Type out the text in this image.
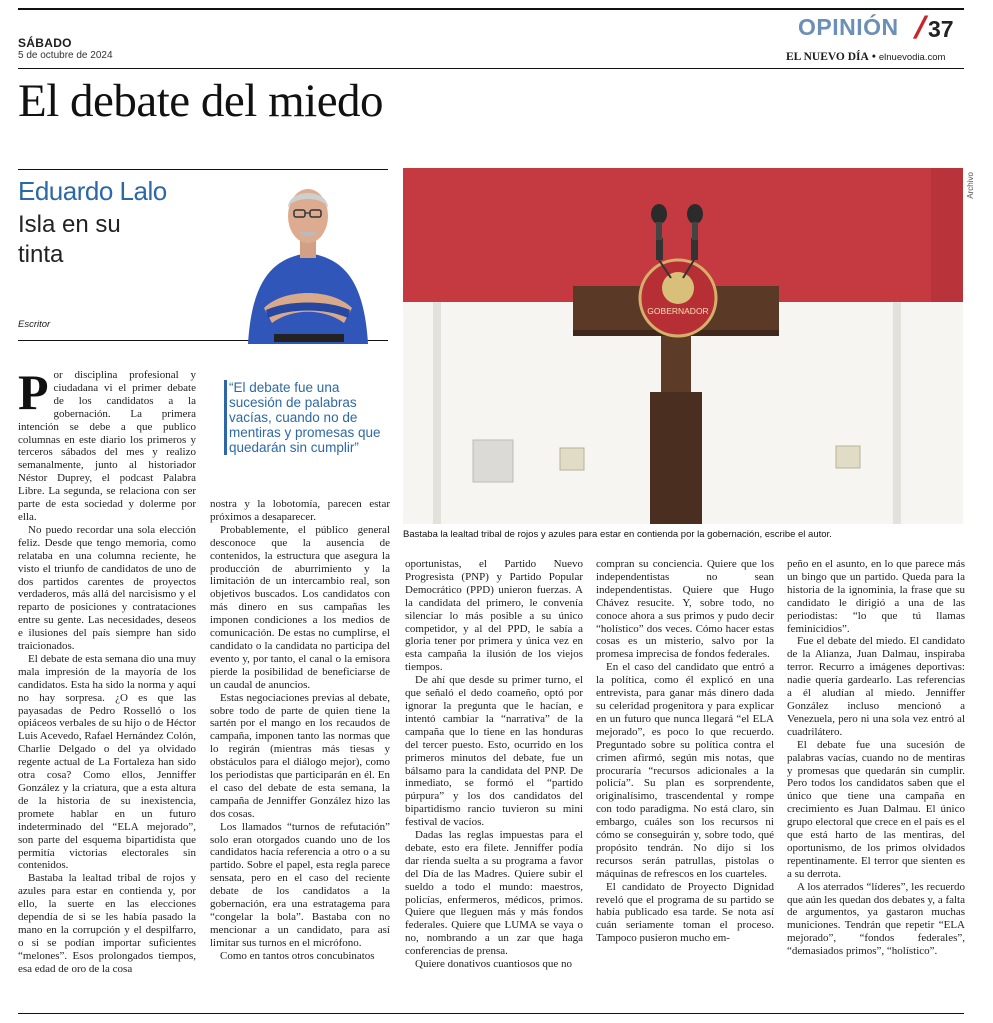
SÁBADO
5 de octubre de 2024
OPINIÓN /
37
EL NUEVO DÍA • elnuevodia.com
El debate del miedo
Eduardo Lalo
Isla en su tinta
Escritor
GOBERNADOR
Archivo
Bastaba la lealtad tribal de rojos y azules para estar en contienda por la gobernación, escribe el autor.
“El debate fue una sucesión de palabras vacías, cuando no de mentiras y promesas que quedarán sin cumplir”

Por disciplina profesional y ciudadana vi el primer debate de los candidatos a la gobernación. La primera intención se debe a que publico columnas en este diario los primeros y terceros sábados del mes y realizo semanalmente, junto al historiador Néstor Duprey, el podcast Palabra Libre. La segunda, se relaciona con ser parte de esta sociedad y dolerme por ella.

No puedo recordar una sola elección feliz. Desde que tengo memoria, como relataba en una columna reciente, he visto el triunfo de candidatos de uno de dos partidos carentes de proyectos verdaderos, más allá del narcisismo y el reparto de posiciones y contrataciones entre su gente. Las necesidades, deseos e ilusiones del país siempre han sido traicionados.

El debate de esta semana dio una muy mala impresión de la mayoría de los candidatos. Esta ha sido la norma y aquí no hay sorpresa. ¿O es que las payasadas de Pedro Rosselló o los opiáceos verbales de su hijo o de Héctor Luis Acevedo, Rafael Hernández Colón, Charlie Delgado o del ya olvidado regente actual de La Fortaleza han sido otra cosa? Como ellos, Jenniffer González y la criatura, que a esta altura de la historia de su inexistencia, promete hablar en un futuro indeterminado del “ELA mejorado”, son parte del esquema bipartidista que permitía victorias electorales sin contenidos.

Bastaba la lealtad tribal de rojos y azules para estar en contienda y, por ello, la suerte en las elecciones dependía de si se les había pasado la mano en la corrupción y el despilfarro, o si se podían importar suficientes “melones”. Esos prolongados tiempos, esa edad de oro de la cosa

nostra y la lobotomía, parecen estar próximos a desaparecer.

Probablemente, el público general desconoce que la ausencia de contenidos, la estructura que asegura la producción de aburrimiento y la limitación de un intercambio real, son objetivos buscados. Los candidatos con más dinero en sus campañas les imponen condiciones a los medios de comunicación. De estas no cumplirse, el candidato o la candidata no participa del evento y, por tanto, el canal o la emisora pierde la posibilidad de beneficiarse de un caudal de anuncios.

Estas negociaciones previas al debate, sobre todo de parte de quien tiene la sartén por el mango en los recaudos de campaña, imponen tanto las normas que lo regirán (mientras más tiesas y obstáculos para el diálogo mejor), como los periodistas que participarán en él. En el caso del debate de esta semana, la campaña de Jenniffer González hizo las dos cosas.

Los llamados “turnos de refutación” solo eran otorgados cuando uno de los candidatos hacía referencia a otro o a su partido. Sobre el papel, esta regla parece sensata, pero en el caso del reciente debate de los candidatos a la gobernación, era una estratagema para “congelar la bola”. Bastaba con no mencionar a un candidato, para así limitar sus turnos en el micrófono.

Como en tantos otros concubinatos

oportunistas, el Partido Nuevo Progresista (PNP) y Partido Popular Democrático (PPD) unieron fuerzas. A la candidata del primero, le convenía silenciar lo más posible a su único competidor, y al del PPD, le sabía a gloria tener por primera y única vez en esta campaña la ilusión de los viejos tiempos.

De ahí que desde su primer turno, el que señaló el dedo coameño, optó por ignorar la pregunta que le hacían, e intentó cambiar la “narrativa” de la campaña que lo tiene en las honduras del tercer puesto. Esto, ocurrido en los primeros minutos del debate, fue un bálsamo para la candidata del PNP. De inmediato, se formó el “partido púrpura” y los dos candidatos del bipartidismo rancio tuvieron su mini festival de vacíos.

Dadas las reglas impuestas para el debate, esto era filete. Jenniffer podía dar rienda suelta a su programa a favor del Día de las Madres. Quiere subir el sueldo a todo el mundo: maestros, policías, enfermeros, médicos, primos. Quiere que lleguen más y más fondos federales. Quiere que LUMA se vaya o no, nombrando a un zar que haga conferencias de prensa.

Quiere donativos cuantiosos que no

compran su conciencia. Quiere que los independentistas no sean independentistas. Quiere que Hugo Chávez resucite. Y, sobre todo, no conoce ahora a sus primos y pudo decir “holístico” dos veces. Cómo hacer estas cosas es un misterio, salvo por la promesa imprecisa de fondos federales.

En el caso del candidato que entró a la política, como él explicó en una entrevista, para ganar más dinero dada su celeridad progenitora y para explicar en un futuro que nunca llegará “el ELA mejorado”, es poco lo que recuerdo. Preguntado sobre su política contra el crimen afirmó, según mis notas, que procuraría “recursos adicionales a la policía”. Su plan es sorprendente, originalísimo, trascendental y rompe con todo paradigma. No está claro, sin embargo, cuáles son los recursos ni cómo se conseguirán y, sobre todo, qué propósito tendrán. No dijo si los recursos serán patrullas, pistolas o máquinas de refrescos en los cuarteles.

El candidato de Proyecto Dignidad reveló que el programa de su partido se había publicado esa tarde. Se nota así cuán seriamente toman el proceso. Tampoco pusieron mucho em-

peño en el asunto, en lo que parece más un bingo que un partido. Queda para la historia de la ignominia, la frase que su candidato le dirigió a una de las periodistas: “lo que tú llamas feminicidios”.

Fue el debate del miedo. El candidato de la Alianza, Juan Dalmau, inspiraba terror. Recurro a imágenes deportivas: nadie quería gardearlo. Las referencias a él aludían al miedo. Jenniffer González incluso mencionó a Venezuela, pero ni una sola vez entró al cuadrilátero.

El debate fue una sucesión de palabras vacías, cuando no de mentiras y promesas que quedarán sin cumplir. Pero todos los candidatos saben que el único que tiene una campaña en crecimiento es Juan Dalmau. El único grupo electoral que crece en el país es el que está harto de las mentiras, del oportunismo, de los primos olvidados repentinamente. El terror que sienten es a su derrota.

A los aterrados “líderes”, les recuerdo que aún les quedan dos debates y, a falta de argumentos, ya gastaron muchas municiones. Tendrán que repetir “ELA mejorado”, “fondos federales”, “demasiados primos”, “holístico”.
